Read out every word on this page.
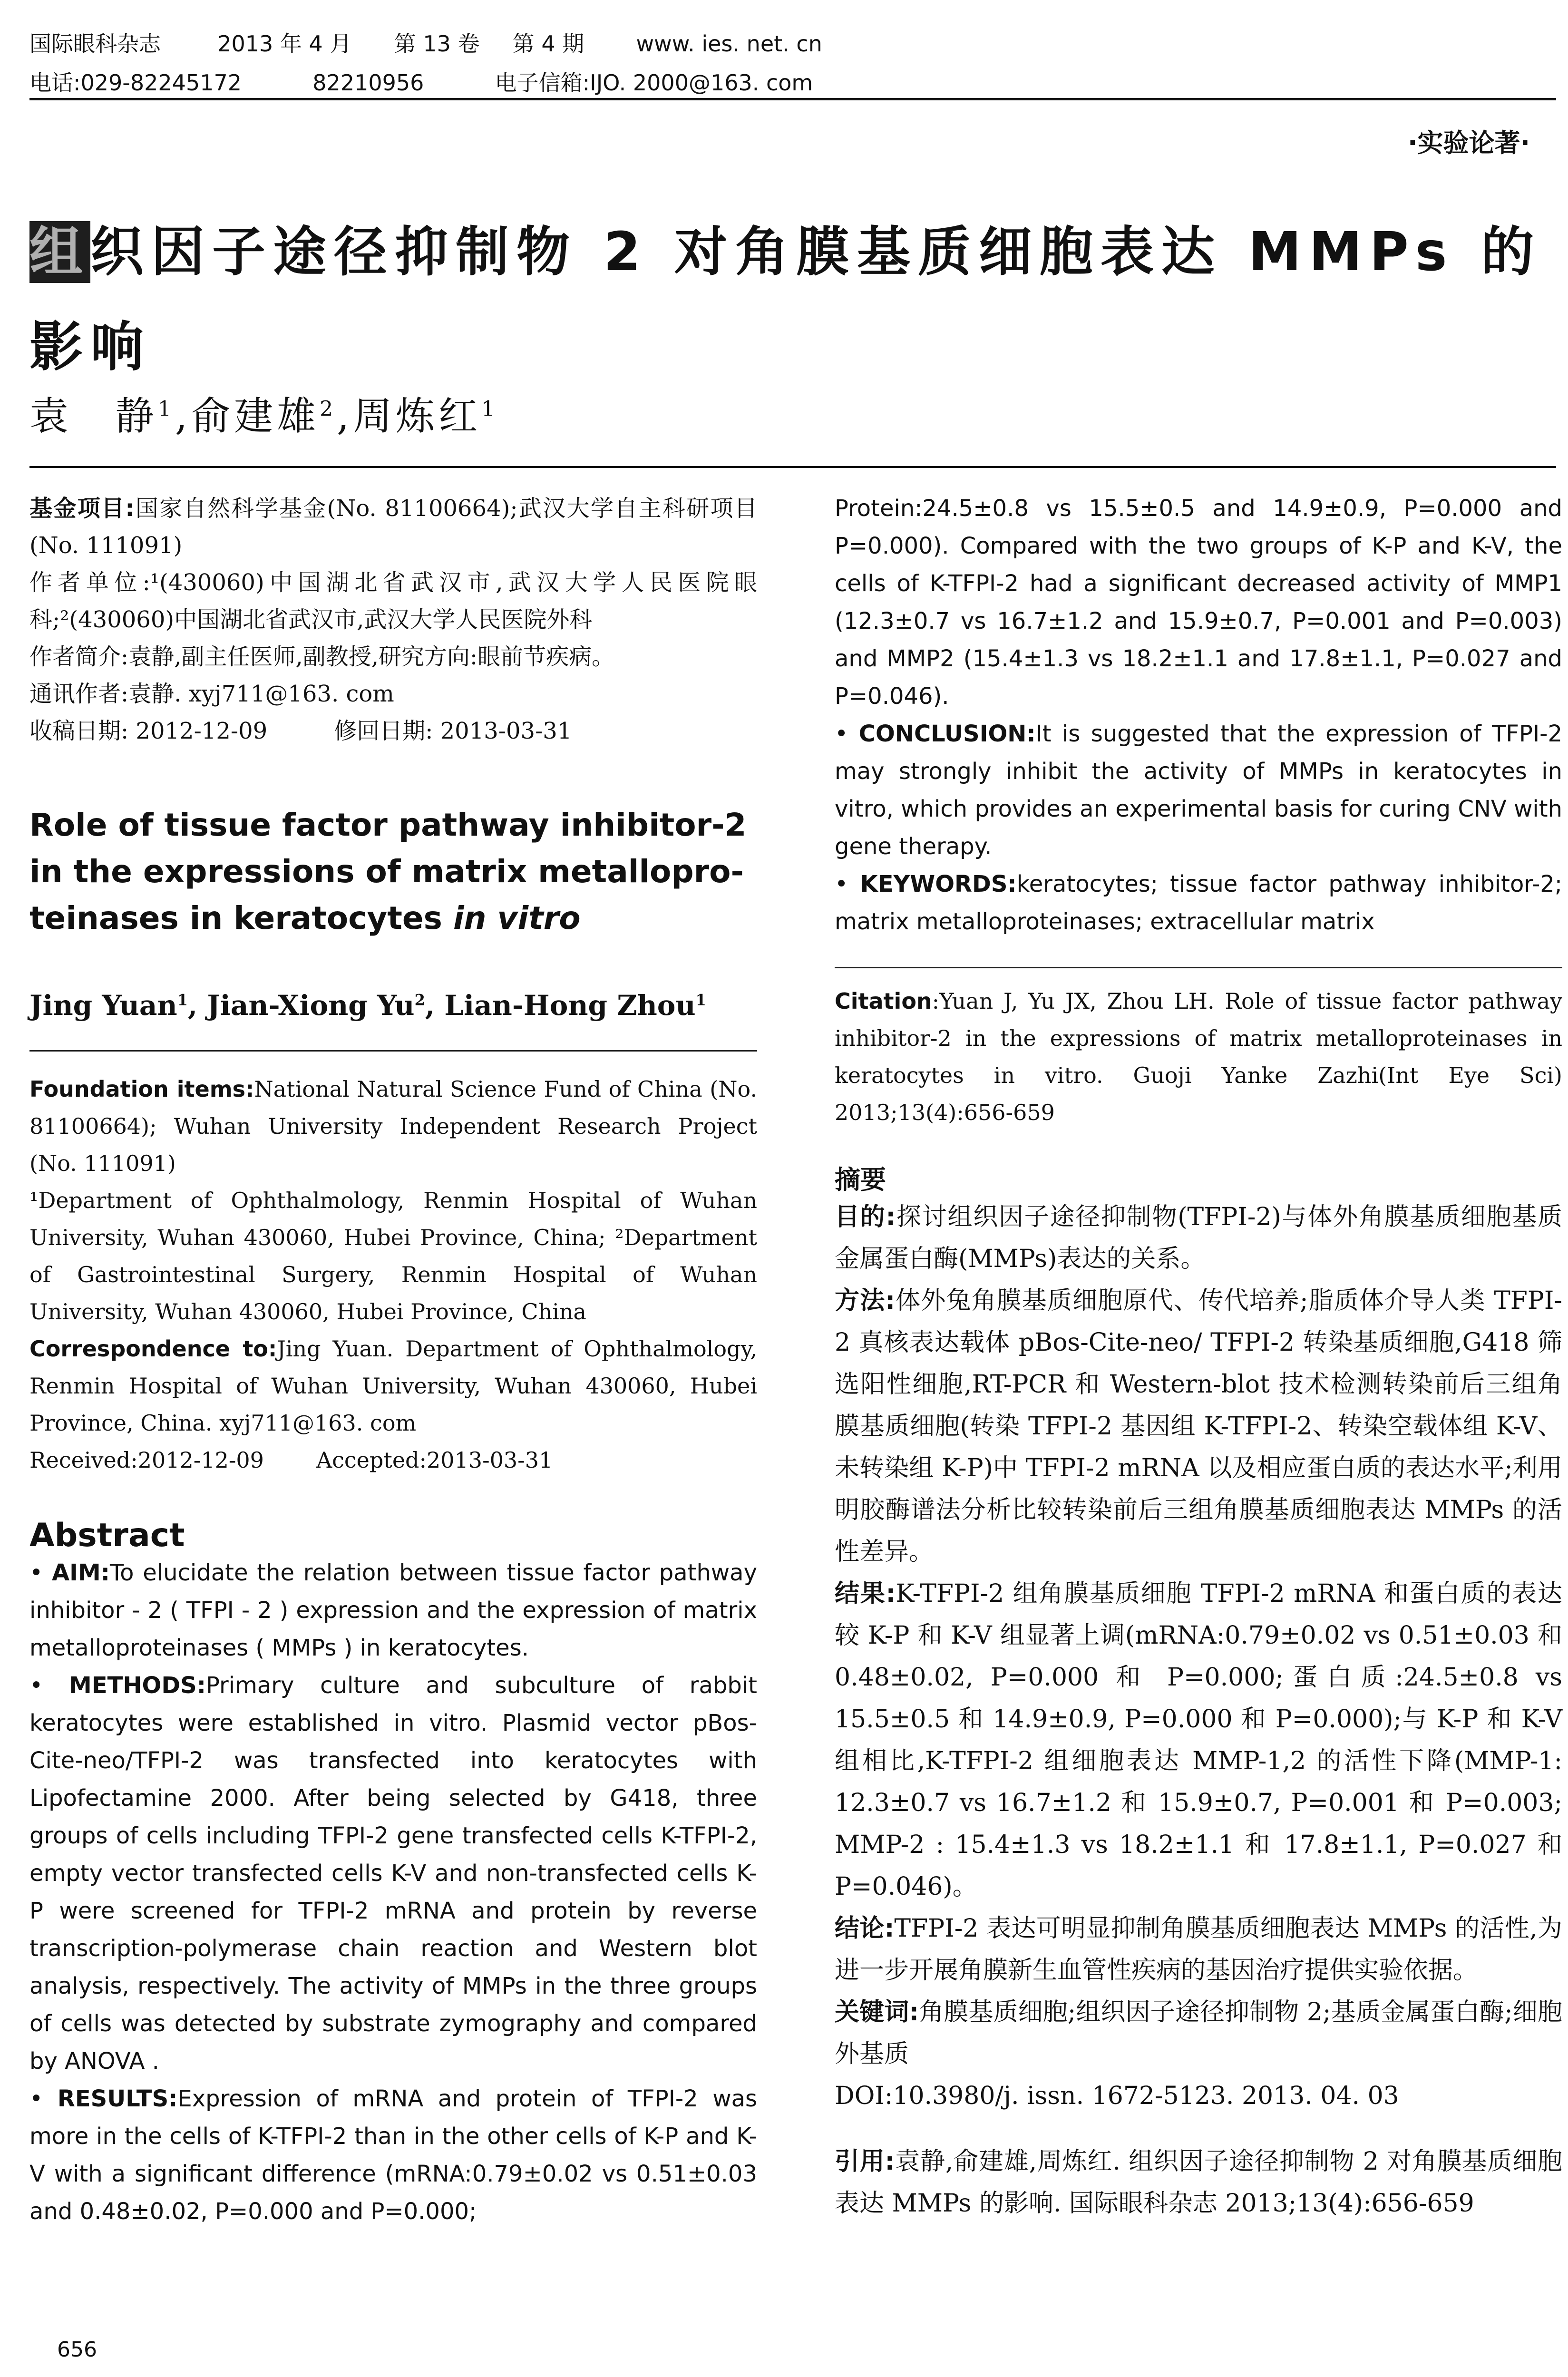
国际眼科杂志	2013 年 4 月 第 13 卷 第 4 期 www. ies. net. cn
电话:029-82245172	82210956	电子信箱:IJO. 2000@163. com
·实验论著·
组织因子途径抑制物 2 对角膜基质细胞表达 MMPs 的影响
袁　静$^1$,俞建雄$^2$,周炼红$^1$
基金项目:国家自然科学基金(No. 81100664);武汉大学自主科研项目(No. 111091)
作者单位:¹(430060)中国湖北省武汉市,武汉大学人民医院眼科;²(430060)中国湖北省武汉市,武汉大学人民医院外科
作者简介:袁静,副主任医师,副教授,研究方向:眼前节疾病。
通讯作者:袁静. xyj711@163. com
收稿日期: 2012-12-09	修回日期: 2013-03-31
Role of tissue factor pathway inhibitor-2 in the expressions of matrix metallopro-teinases in keratocytes in vitro
Jing Yuan$^1$, Jian-Xiong Yu$^2$, Lian-Hong Zhou$^1$
Foundation items:National Natural Science Fund of China (No. 81100664); Wuhan University Independent Research Project (No. 111091)
¹Department of Ophthalmology, Renmin Hospital of Wuhan University, Wuhan 430060, Hubei Province, China; ²Department of Gastrointestinal Surgery, Renmin Hospital of Wuhan University, Wuhan 430060, Hubei Province, China
Correspondence to:Jing Yuan. Department of Ophthalmology, Renmin Hospital of Wuhan University, Wuhan 430060, Hubei Province, China. xyj711@163. com
Received:2012-12-09 Accepted:2013-03-31
Abstract
• AIM:To elucidate the relation between tissue factor pathway inhibitor - 2 ( TFPI - 2 ) expression and the expression of matrix metalloproteinases ( MMPs ) in keratocytes.
• METHODS:Primary culture and subculture of rabbit keratocytes were established in vitro. Plasmid vector pBos-Cite-neo/TFPI-2 was transfected into keratocytes with Lipofectamine 2000. After being selected by G418, three groups of cells including TFPI-2 gene transfected cells K-TFPI-2, empty vector transfected cells K-V and non-transfected cells K-P were screened for TFPI-2 mRNA and protein by reverse transcription-polymerase chain reaction and Western blot analysis, respectively. The activity of MMPs in the three groups of cells was detected by substrate zymography and compared by ANOVA .
• RESULTS:Expression of mRNA and protein of TFPI-2 was more in the cells of K-TFPI-2 than in the other cells of K-P and K-V with a significant difference (mRNA:0.79±0.02 vs 0.51±0.03 and 0.48±0.02, P=0.000 and P=0.000;
656
Protein:24.5±0.8 vs 15.5±0.5 and 14.9±0.9, P=0.000 and P=0.000). Compared with the two groups of K-P and K-V, the cells of K-TFPI-2 had a significant decreased activity of MMP1 (12.3±0.7 vs 16.7±1.2 and 15.9±0.7, P=0.001 and P=0.003) and MMP2 (15.4±1.3 vs 18.2±1.1 and 17.8±1.1, P=0.027 and P=0.046).
• CONCLUSION:It is suggested that the expression of TFPI-2 may strongly inhibit the activity of MMPs in keratocytes in vitro, which provides an experimental basis for curing CNV with gene therapy.
• KEYWORDS:keratocytes; tissue factor pathway inhibitor-2; matrix metalloproteinases; extracellular matrix
Citation:Yuan J, Yu JX, Zhou LH. Role of tissue factor pathway inhibitor-2 in the expressions of matrix metalloproteinases in keratocytes in vitro. Guoji Yanke Zazhi(Int Eye Sci) 2013;13(4):656-659
摘要
目的:探讨组织因子途径抑制物(TFPI-2)与体外角膜基质细胞基质金属蛋白酶(MMPs)表达的关系。
方法:体外兔角膜基质细胞原代、传代培养;脂质体介导人类 TFPI-2 真核表达载体 pBos-Cite-neo/ TFPI-2 转染基质细胞,G418 筛选阳性细胞,RT-PCR 和 Western-blot 技术检测转染前后三组角膜基质细胞(转染 TFPI-2 基因组 K-TFPI-2、转染空载体组 K-V、未转染组 K-P)中 TFPI-2 mRNA 以及相应蛋白质的表达水平;利用明胶酶谱法分析比较转染前后三组角膜基质细胞表达 MMPs 的活性差异。
结果:K-TFPI-2 组角膜基质细胞 TFPI-2 mRNA 和蛋白质的表达较 K-P 和 K-V 组显著上调(mRNA:0.79±0.02 vs 0.51±0.03 和 0.48±0.02, P=0.000 和 P=0.000;蛋白质:24.5±0.8 vs 15.5±0.5 和 14.9±0.9, P=0.000 和 P=0.000);与 K-P 和 K-V 组相比,K-TFPI-2 组细胞表达 MMP-1,2 的活性下降(MMP-1: 12.3±0.7 vs 16.7±1.2 和 15.9±0.7, P=0.001 和 P=0.003; MMP-2 : 15.4±1.3 vs 18.2±1.1 和 17.8±1.1, P=0.027 和 P=0.046)。
结论:TFPI-2 表达可明显抑制角膜基质细胞表达 MMPs 的活性,为进一步开展角膜新生血管性疾病的基因治疗提供实验依据。
关键词:角膜基质细胞;组织因子途径抑制物 2;基质金属蛋白酶;细胞外基质
DOI:10.3980/j. issn. 1672-5123. 2013. 04. 03
引用:袁静,俞建雄,周炼红. 组织因子途径抑制物 2 对角膜基质细胞表达 MMPs 的影响. 国际眼科杂志 2013;13(4):656-659
